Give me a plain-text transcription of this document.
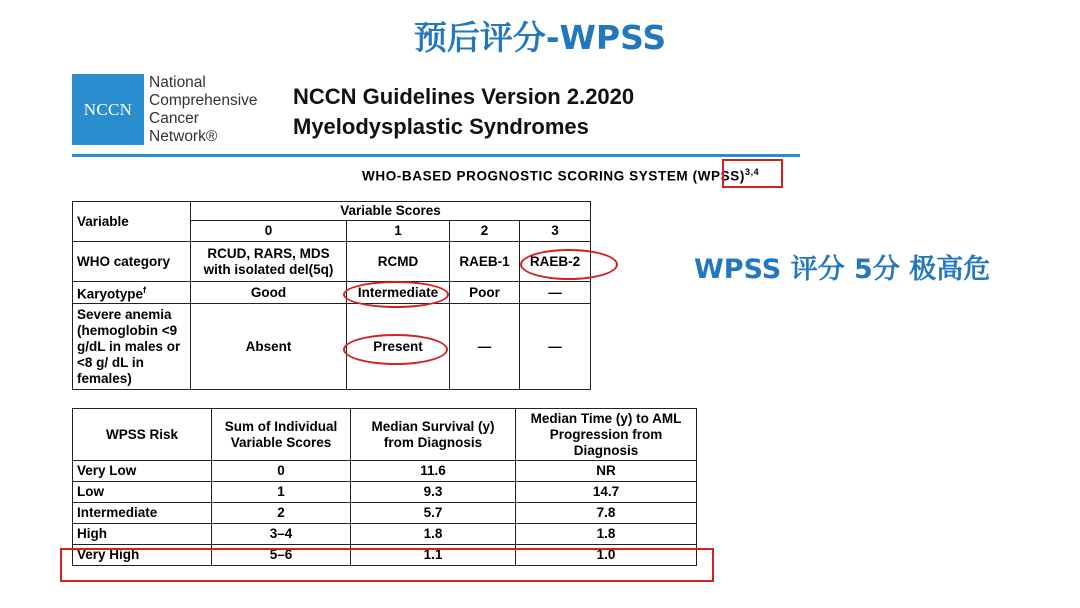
预后评分-WPSS
NCCN
National
Comprehensive
Cancer
Network®
NCCN Guidelines Version 2.2020
Myelodysplastic Syndromes
WHO-BASED PROGNOSTIC SCORING SYSTEM (WPSS)$^{3,4}$
WPSS 评分 5分 极高危
Variable	Variable Scores			
	0	1	2	3
WHO category	RCUD, RARS, MDS with isolated del(5q)	RCMD	RAEB-1	RAEB-2
Karyotype$^f$	Good	Intermediate	Poor	—
Severe anemia (hemoglobin <9 g/dL in males or <8 g/ dL in females)	Absent	Present	—	—
WPSS Risk	Sum of Individual Variable Scores	Median Survival (y) from Diagnosis	Median Time (y) to AML Progression from Diagnosis
Very Low	0	11.6	NR
Low	1	9.3	14.7
Intermediate	2	5.7	7.8
High	3–4	1.8	1.8
Very High	5–6	1.1	1.0
